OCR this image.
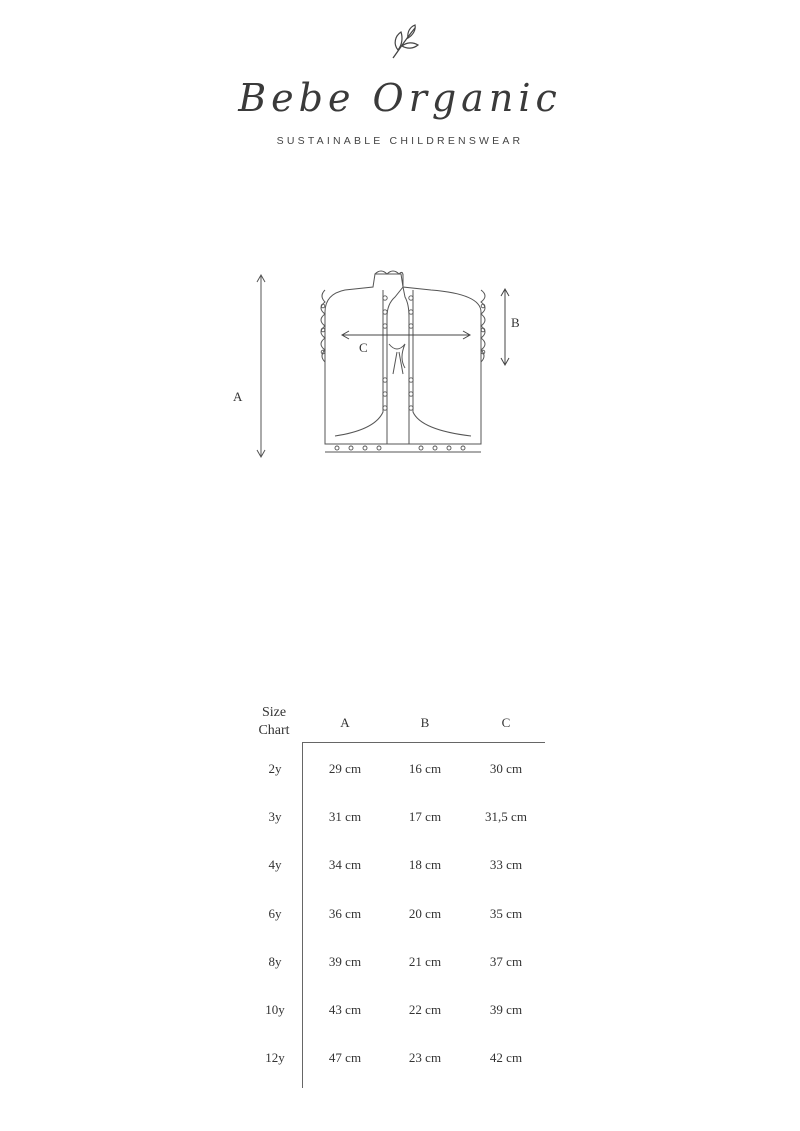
Bebe Organic
SUSTAINABLE CHILDRENSWEAR
A
B
C
Size Chart
A	B	C
2y	29 cm	16 cm	30 cm
3y	31 cm	17 cm	31,5 cm
4y	34 cm	18 cm	33 cm
6y	36 cm	20 cm	35 cm
8y	39 cm	21 cm	37 cm
10y	43 cm	22 cm	39 cm
12y	47 cm	23 cm	42 cm
